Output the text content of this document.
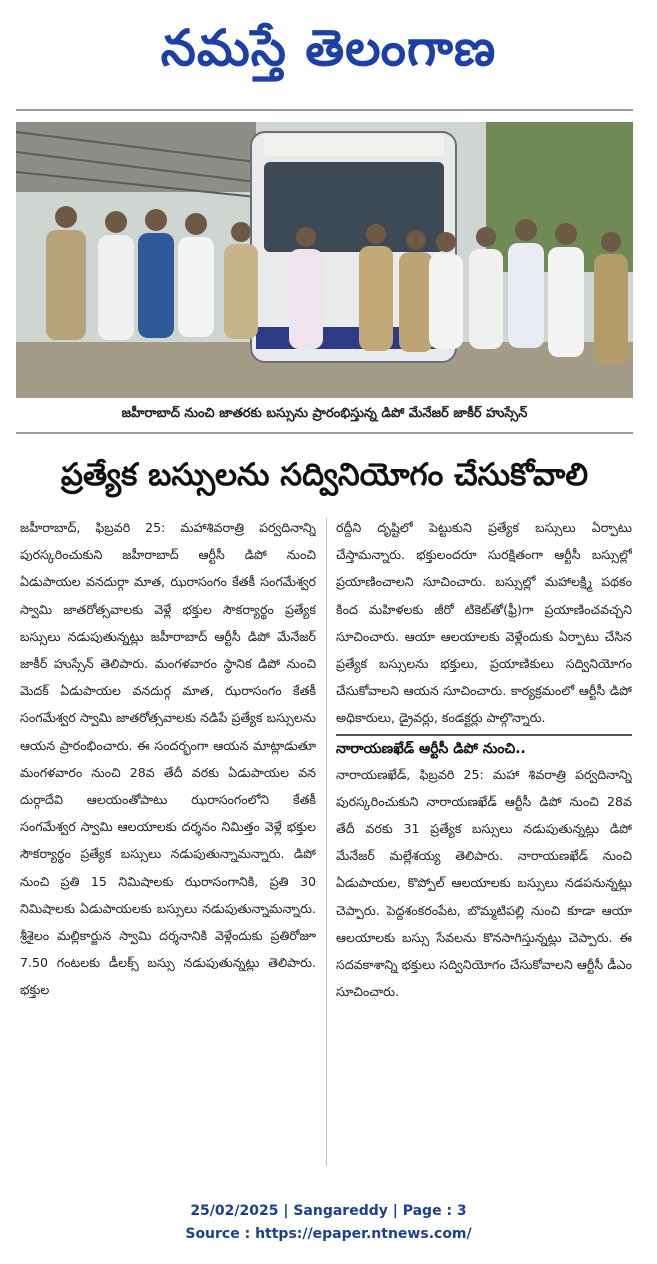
నమస్తే తెలంగాణ
జహీరాబాద్ నుంచి జాతరకు బస్సును ప్రారంభిస్తున్న డిపో మేనేజర్ జాకీర్ హుస్సేన్
ప్రత్యేక బస్సులను సద్వినియోగం చేసుకోవాలి

జహీరాబాద్, ఫిబ్రవరి 25: మహాశివరాత్రి పర్వదినాన్ని పురస్కరించుకుని జహీరాబాద్ ఆర్టీసీ డిపో నుంచి ఏడుపాయల వనదుర్గా మాత, ఝరాసంగం కేతకీ సంగమేశ్వర స్వామి జాతరోత్సవాలకు వెళ్లే భక్తుల సౌకర్యార్థం ప్రత్యేక బస్సులు నడుపుతున్నట్లు జహీరాబాద్ ఆర్టీసీ డిపో మేనేజర్ జాకీర్ హుస్సేన్ తెలిపారు. మంగళవారం స్థానిక డిపో నుంచి మెదక్ ఏడుపాయల వనదుర్గ మాత, ఝరాసంగం కేతకీ సంగమేశ్వర స్వామి జాతరోత్సవాలకు నడిపే ప్రత్యేక బస్సులను ఆయన ప్రారంభించారు. ఈ సందర్భంగా ఆయన మాట్లాడుతూ మంగళవారం నుంచి 28వ తేదీ వరకు ఏడుపాయల వన దుర్గాదేవి ఆలయంతోపాటు ఝరాసంగంలోని కేతకీ సంగమేశ్వర స్వామి ఆలయాలకు దర్శనం నిమిత్తం వెళ్లే భక్తుల సౌకర్యార్థం ప్రత్యేక బస్సులు నడుపుతున్నామన్నారు. డిపో నుంచి ప్రతి 15 నిమిషాలకు ఝరాసంగానికి, ప్రతి 30 నిమిషాలకు ఏడుపాయలకు బస్సులు నడుపుతున్నామన్నారు. శ్రీశైలం మల్లికార్జున స్వామి దర్శనానికి వెళ్లేందుకు ప్రతిరోజూ 7.50 గంటలకు డీలక్స్ బస్సు నడుపుతున్నట్లు తెలిపారు. భక్తుల

రద్దీని దృష్టిలో పెట్టుకుని ప్రత్యేక బస్సులు ఏర్పాటు చేస్తామన్నారు. భక్తులందరూ సురక్షితంగా ఆర్టీసీ బస్సుల్లో ప్రయాణించాలని సూచించారు. బస్సుల్లో మహాలక్ష్మి పథకం కింద మహిళలకు జీరో టికెట్‌తో(ఫ్రీ)గా ప్రయాణించవచ్చని సూచించారు. ఆయా ఆలయాలకు వెళ్లేందుకు ఏర్పాటు చేసిన ప్రత్యేక బస్సులను భక్తులు, ప్రయాణికులు సద్వినియోగం చేసుకోవాలని ఆయన సూచించారు. కార్యక్రమంలో ఆర్టీసీ డిపో అధికారులు, డ్రైవర్లు, కండక్టర్లు పాల్గొన్నారు.

నారాయణఖేడ్ ఆర్టీసీ డిపో నుంచి..

నారాయణఖేడ్, ఫిబ్రవరి 25: మహా శివరాత్రి పర్వదినాన్ని పురస్కరించుకుని నారాయణఖేడ్ ఆర్టీసీ డిపో నుంచి 28వ తేదీ వరకు 31 ప్రత్యేక బస్సులు నడుపుతున్నట్లు డిపో మేనేజర్ మల్లేశయ్య తెలిపారు. నారాయణఖేడ్ నుంచి ఏడుపాయల, కొప్పోల్ ఆలయాలకు బస్సులు నడపనున్నట్లు చెప్పారు. పెద్దశంకరంపేట, బొమ్మటిపల్లి నుంచి కూడా ఆయా ఆలయాలకు బస్సు సేవలను కొనసాగిస్తున్నట్లు చెప్పారు. ఈ సదవకాశాన్ని భక్తులు సద్వినియోగం చేసుకోవాలని ఆర్టీసీ డీఎం సూచించారు.

25/02/2025 | Sangareddy | Page : 3
Source : https://epaper.ntnews.com/
